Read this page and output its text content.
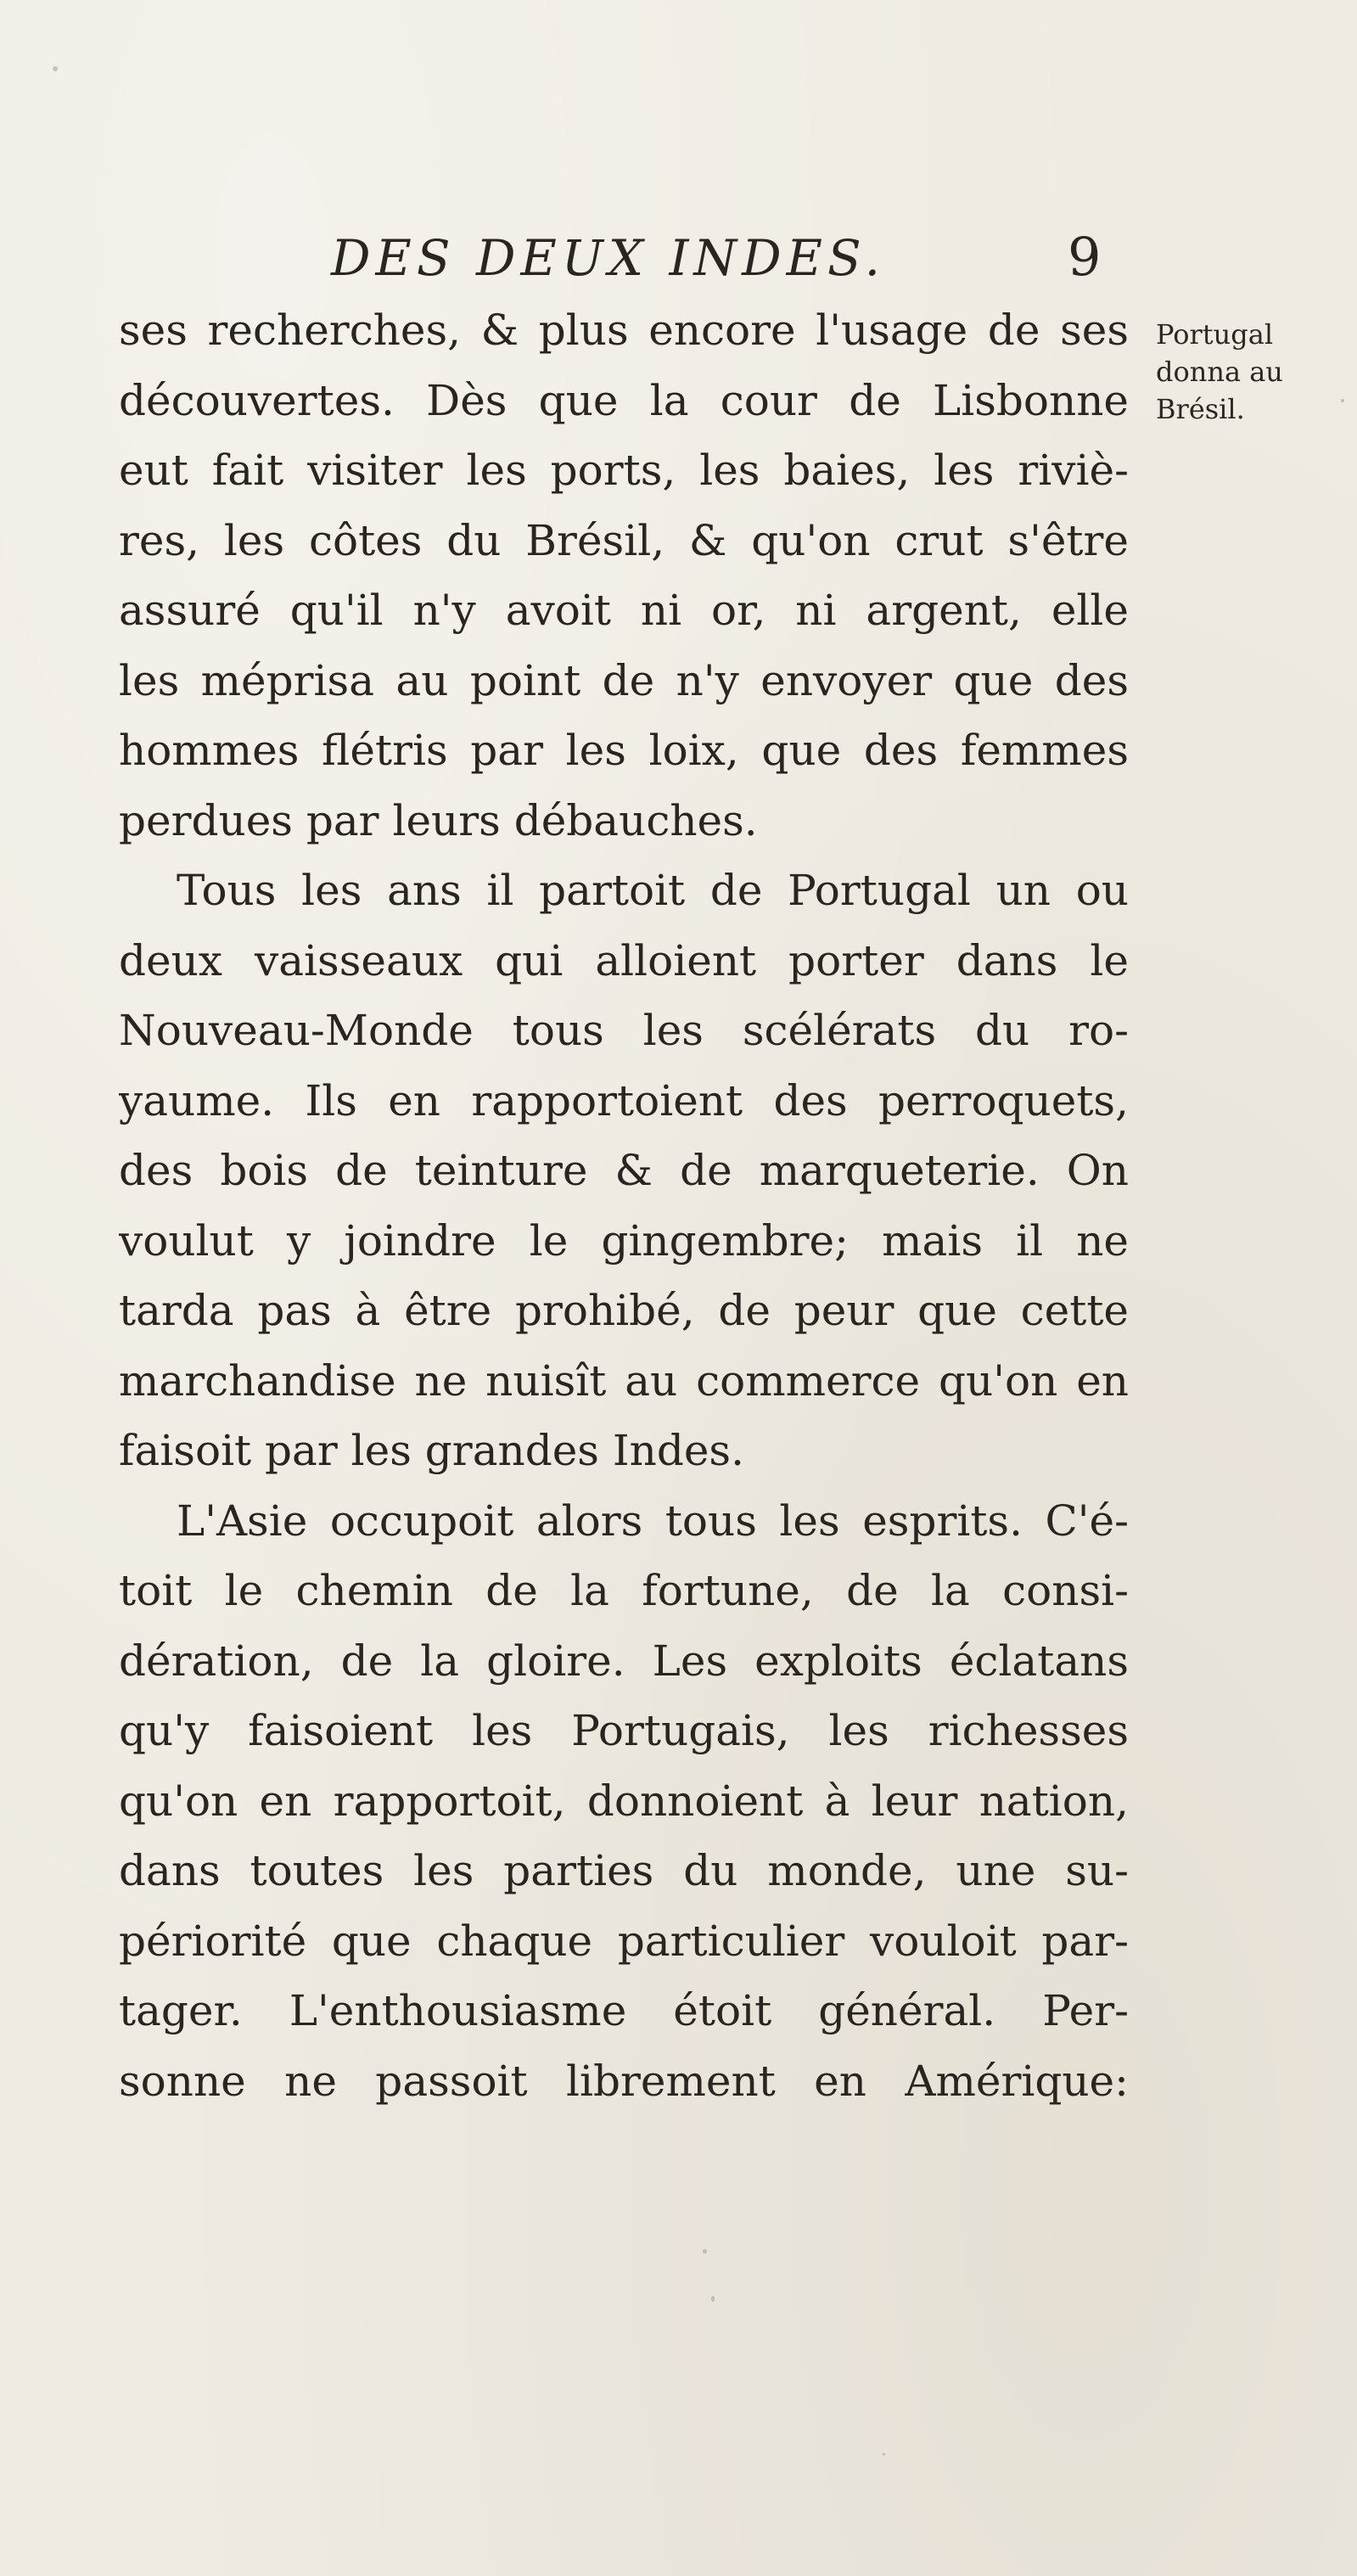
DES DEUX INDES.	9
ses recherches, & plus encore l'usage de ses
découvertes. Dès que la cour de Lisbonne
eut fait visiter les ports, les baies, les riviè-
res, les côtes du Brésil, & qu'on crut s'être
assuré qu'il n'y avoit ni or, ni argent, elle
les méprisa au point de n'y envoyer que des
hommes flétris par les loix, que des femmes
perdues par leurs débauches.
Tous les ans il partoit de Portugal un ou
deux vaisseaux qui alloient porter dans le
Nouveau-Monde tous les scélérats du ro-
yaume. Ils en rapportoient des perroquets,
des bois de teinture & de marqueterie. On
voulut y joindre le gingembre; mais il ne
tarda pas à être prohibé, de peur que cette
marchandise ne nuisît au commerce qu'on en
faisoit par les grandes Indes.
L'Asie occupoit alors tous les esprits. C'é-
toit le chemin de la fortune, de la consi-
dération, de la gloire. Les exploits éclatans
qu'y faisoient les Portugais, les richesses
qu'on en rapportoit, donnoient à leur nation,
dans toutes les parties du monde, une su-
périorité que chaque particulier vouloit par-
tager. L'enthousiasme étoit général. Per-
sonne ne passoit librement en Amérique:
Portugal
donna au
Brésil.
